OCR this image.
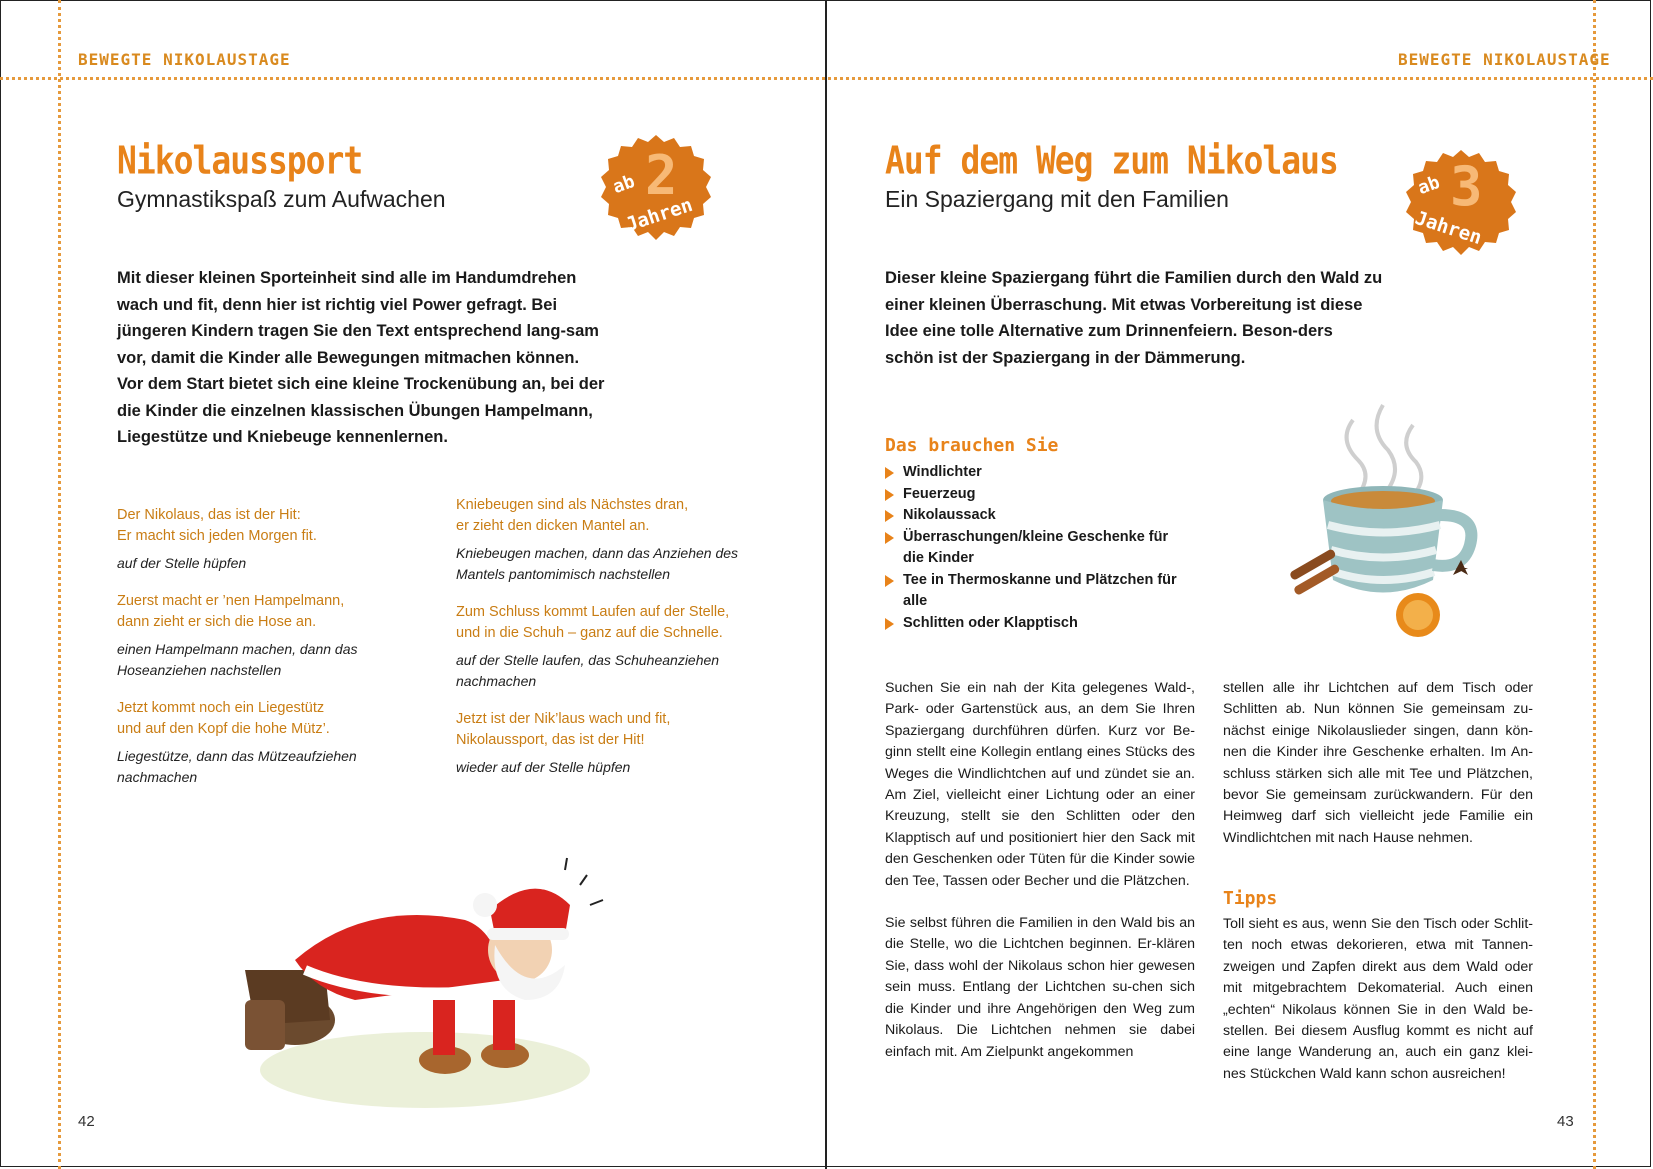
BEWEGTE NIKOLAUSTAGE
Nikolaussport
Gymnastikspaß zum Aufwachen
ab 2
Jahren
Mit dieser kleinen Sporteinheit sind alle im Handumdrehen wach und fit, denn hier ist richtig viel Power gefragt. Bei jüngeren Kindern tragen Sie den Text entsprechend lang-sam vor, damit die Kinder alle Bewegungen mitmachen können. Vor dem Start bietet sich eine kleine Trockenübung an, bei der die Kinder die einzelnen klassischen Übungen Hampelmann, Liegestütze und Kniebeuge kennenlernen.
Der Nikolaus, das ist der Hit:
Er macht sich jeden Morgen fit.
auf der Stelle hüpfen
Zuerst macht er ’nen Hampelmann,
dann zieht er sich die Hose an.
einen Hampelmann machen, dann das
Hoseanziehen nachstellen
Jetzt kommt noch ein Liegestütz
und auf den Kopf die hohe Mütz’.
Liegestütze, dann das Mützeaufziehen
nachmachen
Kniebeugen sind als Nächstes dran,
er zieht den dicken Mantel an.
Kniebeugen machen, dann das Anziehen des
Mantels pantomimisch nachstellen
Zum Schluss kommt Laufen auf der Stelle,
und in die Schuh – ganz auf die Schnelle.
auf der Stelle laufen, das Schuheanziehen
nachmachen
Jetzt ist der Nik’laus wach und fit,
Nikolaussport, das ist der Hit!
wieder auf der Stelle hüpfen
42
BEWEGTE NIKOLAUSTAGE
Auf dem Weg zum Nikolaus
Ein Spaziergang mit den Familien	ab 3
Jahren
Dieser kleine Spaziergang führt die Familien durch den Wald zu einer kleinen Überraschung. Mit etwas Vorbereitung ist diese Idee eine tolle Alternative zum Drinnenfeiern. Beson-ders schön ist der Spaziergang in der Dämmerung.
Das brauchen Sie
Windlichter
Feuerzeug
Nikolaussack
Überraschungen/kleine Geschenke für die Kinder
Tee in Thermoskanne und Plätzchen für alle
Schlitten oder Klapptisch

Suchen Sie ein nah der Kita gelegenes Wald-, Park- oder Gartenstück aus, an dem Sie Ihren Spaziergang durchführen dürfen. Kurz vor Be-ginn stellt eine Kollegin entlang eines Stücks des Weges die Windlichtchen auf und zündet sie an. Am Ziel, vielleicht einer Lichtung oder an einer Kreuzung, stellt sie den Schlitten oder den Klapptisch auf und positioniert hier den Sack mit den Geschenken oder Tüten für die Kinder sowie den Tee, Tassen oder Becher und die Plätzchen.

Sie selbst führen die Familien in den Wald bis an die Stelle, wo die Lichtchen beginnen. Er-klären Sie, dass wohl der Nikolaus schon hier gewesen sein muss. Entlang der Lichtchen su-chen sich die Kinder und ihre Angehörigen den Weg zum Nikolaus. Die Lichtchen nehmen sie dabei einfach mit. Am Zielpunkt angekommen

stellen alle ihr Lichtchen auf dem Tisch oder Schlitten ab. Nun können Sie gemeinsam zu-nächst einige Nikolauslieder singen, dann kön-nen die Kinder ihre Geschenke erhalten. Im An-schluss stärken sich alle mit Tee und Plätzchen, bevor Sie gemeinsam zurückwandern. Für den Heimweg darf sich vielleicht jede Familie ein Windlichtchen mit nach Hause nehmen.

Tipps

Toll sieht es aus, wenn Sie den Tisch oder Schlit-ten noch etwas dekorieren, etwa mit Tannen-zweigen und Zapfen direkt aus dem Wald oder mit mitgebrachtem Dekomaterial. Auch einen „echten“ Nikolaus können Sie in den Wald be-stellen. Bei diesem Ausflug kommt es nicht auf eine lange Wanderung an, auch ein ganz klei-nes Stückchen Wald kann schon ausreichen!

43
